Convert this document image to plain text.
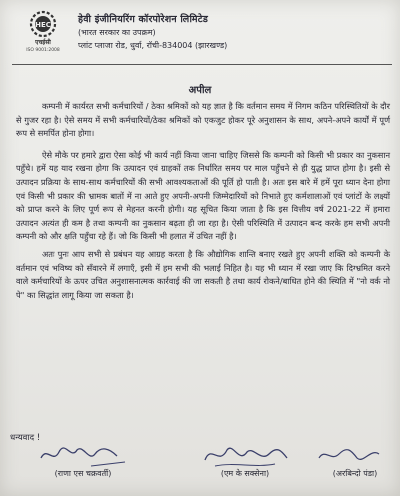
HEC
एचईसी
ISO 9001:2008
हेवी इंजीनियरिंग कॉरपोरेशन लिमिटेड
(भारत सरकार का उपक्रम)
प्लांट प्लाजा रोड, धुर्वा, रॉची-834004 (झारखण्ड)
अपील

कम्पनी में कार्यरत सभी कर्मचारियों / ठेका श्रमिकों को यह ज्ञात है कि वर्तमान समय में निगम कठिन परिस्थितियों के दौर से गुजर रहा है। ऐसे समय में सभी कर्मचारियों/ठेका श्रमिकों को एकजुट होकर पूरे अनुशासन के साथ, अपने-अपने कार्यों में पूर्ण रूप से समर्पित होना होगा।

ऐसे मौके पर हमारे द्वारा ऐसा कोई भी कार्य नहीं किया जाना चाहिए जिससे कि कम्पनी को किसी भी प्रकार का नुकसान पहुँचे। हमें यह याद रखना होगा कि उत्पादन एवं ग्राहकों तक निर्धारित समय पर माल पहुँचने से ही युद्ध प्राप्त होगा है। इसी से उत्पादन प्रक्रिया के साथ-साथ कर्मचारियों की सभी आवश्यकताओं की पूर्ति हो पाती है। अतः इस बारे में हमें पूरा ध्यान देना होगा एवं किसी भी प्रकार की भ्रामक बातों में ना आते हुए अपनी-अपनी जिम्मेदारियों को निभाते हुए कर्मशालाओं एवं प्लांटों के लक्ष्यों को प्राप्त करने के लिए पूर्ण रूप से मेहनत करनी होगी। यह सूचित किया जाता है कि इस वित्तीय वर्ष 2021-22 में हमारा उत्पादन अत्यंत ही कम है तथा कम्पनी का नुकसान बढ़ता ही जा रहा है। ऐसी परिस्थिति में उत्पादन बन्द करके हम सभी अपनी कम्पनी को और क्षति पहुँचा रहे हैं। जो कि किसी भी हलात में उचित नहीं है।

अतः पुनः आप सभी से प्रबंधन यह आग्रह करता है कि औद्योगिक शान्ति बनाए रखते हुए अपनी शक्ति को कम्पनी के वर्तमान एवं भविष्य को सँवारने में लगाएँ, इसी में हम सभी की भलाई निहित है। यह भी ध्यान में रखा जाए कि दिग्भ्रमित करने वाले कर्मचारियों के ऊपर उचित अनुशासनात्मक कार्रवाई की जा सकती है तथा कार्य रोकने/बाधित होने की स्थिति में "नो वर्क नो पे" का सिद्धांत लागू किया जा सकता है।

धन्यवाद !
(राणा एस चक्रवर्ती)	(एम के सक्सेना)	(अरबिन्दो पंडा)
